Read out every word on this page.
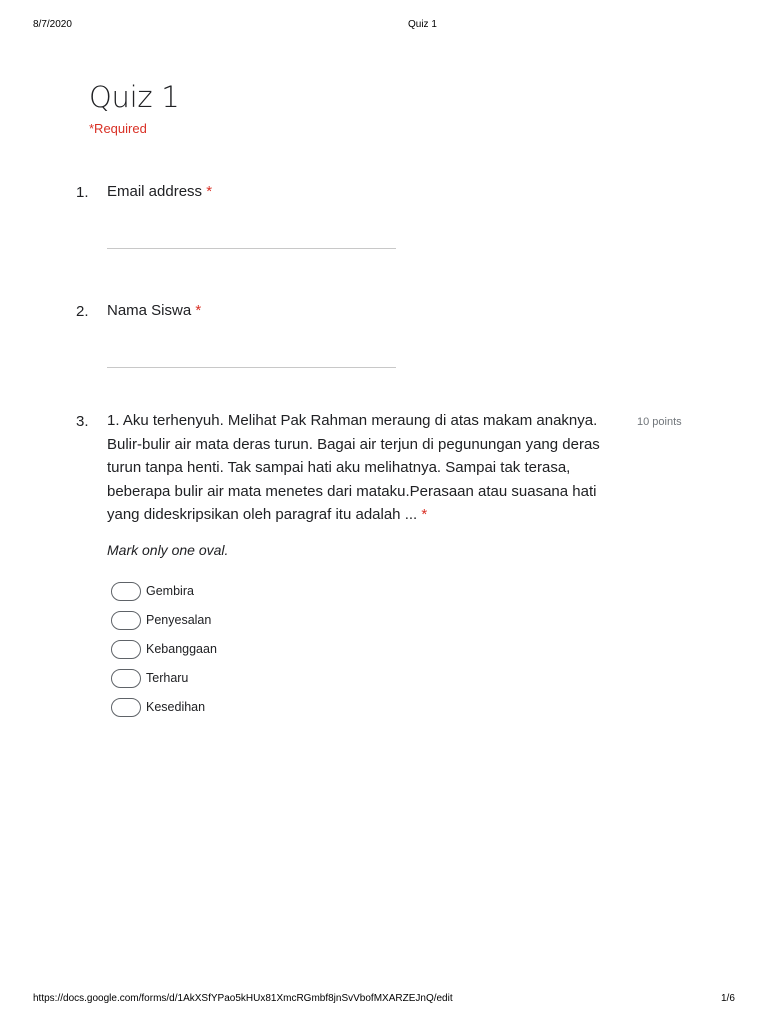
8/7/2020	Quiz 1
Quiz 1
*Required
1. Email address *
2. Nama Siswa *
3. 1. Aku terhenyuh. Melihat Pak Rahman meraung di atas makam anaknya.
Bulir-bulir air mata deras turun. Bagai air terjun di pegunungan yang deras
turun tanpa henti. Tak sampai hati aku melihatnya. Sampai tak terasa,
beberapa bulir air mata menetes dari mataku.Perasaan atau suasana hati
yang dideskripsikan oleh paragraf itu adalah ... *
10 points
Mark only one oval.
Gembira
Penyesalan
Kebanggaan
Terharu
Kesedihan
https://docs.google.com/forms/d/1AkXSfYPao5kHUx81XmcRGmbf8jnSvVbofMXARZEJnQ/edit	1/6
